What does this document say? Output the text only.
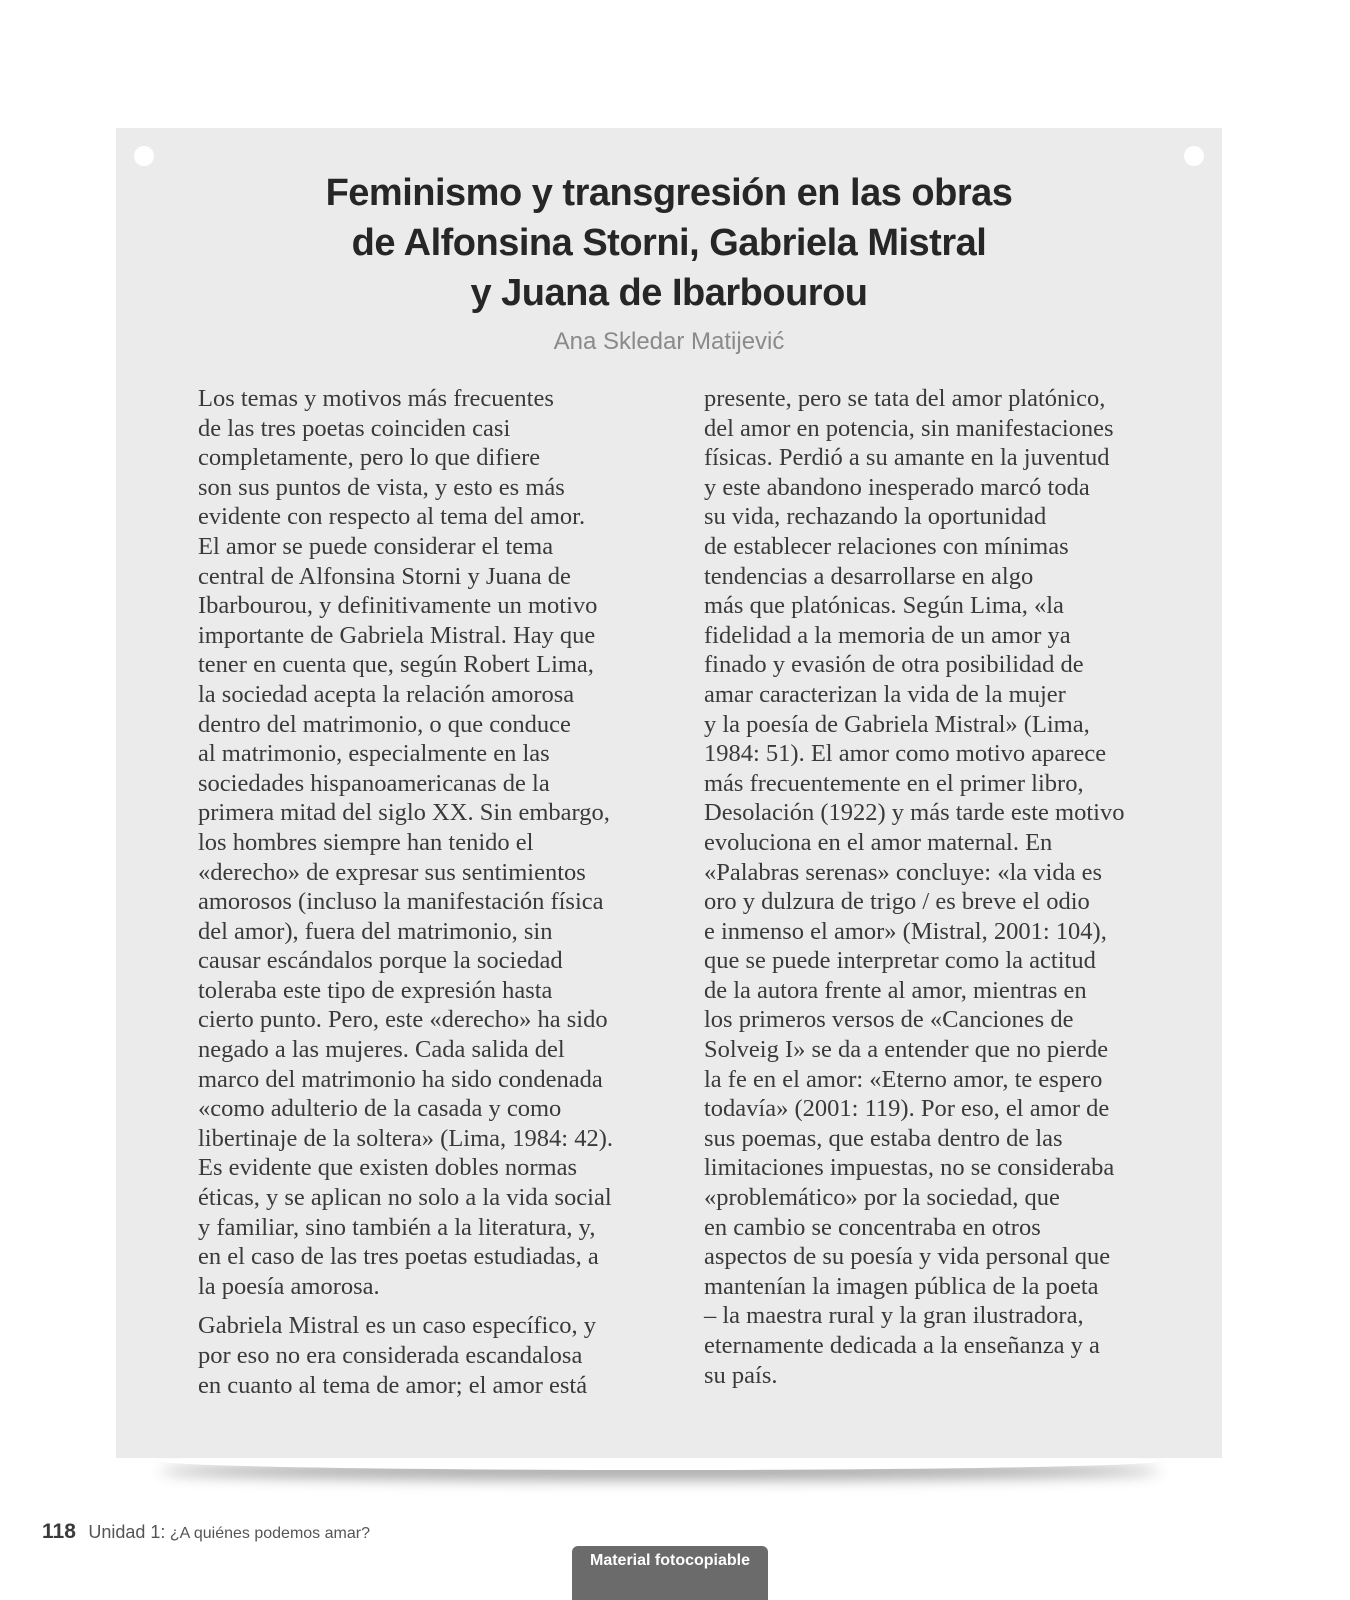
Feminismo y transgresión en las obras
de Alfonsina Storni, Gabriela Mistral
y Juana de Ibarbourou
Ana Skledar Matijević

Los temas y motivos más frecuentes
de las tres poetas coinciden casi
completamente, pero lo que difiere
son sus puntos de vista, y esto es más
evidente con respecto al tema del amor.
El amor se puede considerar el tema
central de Alfonsina Storni y Juana de
Ibarbourou, y definitivamente un motivo
importante de Gabriela Mistral. Hay que
tener en cuenta que, según Robert Lima,
la sociedad acepta la relación amorosa
dentro del matrimonio, o que conduce
al matrimonio, especialmente en las
sociedades hispanoamericanas de la
primera mitad del siglo XX. Sin embargo,
los hombres siempre han tenido el
«derecho» de expresar sus sentimientos
amorosos (incluso la manifestación física
del amor), fuera del matrimonio, sin
causar escándalos porque la sociedad
toleraba este tipo de expresión hasta
cierto punto. Pero, este «derecho» ha sido
negado a las mujeres. Cada salida del
marco del matrimonio ha sido condenada
«como adulterio de la casada y como
libertinaje de la soltera» (Lima, 1984: 42).
Es evidente que existen dobles normas
éticas, y se aplican no solo a la vida social
y familiar, sino también a la literatura, y,
en el caso de las tres poetas estudiadas, a
la poesía amorosa.

Gabriela Mistral es un caso específico, y
por eso no era considerada escandalosa
en cuanto al tema de amor; el amor está

presente, pero se tata del amor platónico,
del amor en potencia, sin manifestaciones
físicas. Perdió a su amante en la juventud
y este abandono inesperado marcó toda
su vida, rechazando la oportunidad
de establecer relaciones con mínimas
tendencias a desarrollarse en algo
más que platónicas. Según Lima, «la
fidelidad a la memoria de un amor ya
finado y evasión de otra posibilidad de
amar caracterizan la vida de la mujer
y la poesía de Gabriela Mistral» (Lima,
1984: 51). El amor como motivo aparece
más frecuentemente en el primer libro,
Desolación (1922) y más tarde este motivo
evoluciona en el amor maternal. En
«Palabras serenas» concluye: «la vida es
oro y dulzura de trigo / es breve el odio
e inmenso el amor» (Mistral, 2001: 104),
que se puede interpretar como la actitud
de la autora frente al amor, mientras en
los primeros versos de «Canciones de
Solveig I» se da a entender que no pierde
la fe en el amor: «Eterno amor, te espero
todavía» (2001: 119). Por eso, el amor de
sus poemas, que estaba dentro de las
limitaciones impuestas, no se consideraba
«problemático» por la sociedad, que
en cambio se concentraba en otros
aspectos de su poesía y vida personal que
mantenían la imagen pública de la poeta
– la maestra rural y la gran ilustradora,
eternamente dedicada a la enseñanza y a
su país.

118 Unidad 1: ¿A quiénes podemos amar?
Material fotocopiable
